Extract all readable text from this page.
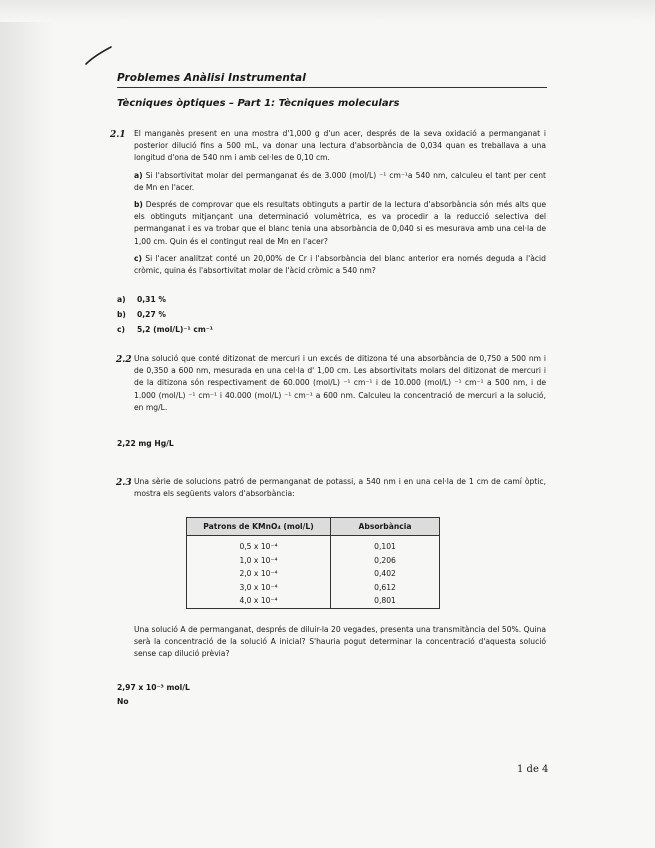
Problemes Anàlisi Instrumental
Tècniques òptiques – Part 1: Tècniques moleculars
2.1 El manganès present en una mostra d'1,000 g d'un acer, després de la seva oxidació a permanganat i posterior dilució fins a 500 mL, va donar una lectura d'absorbància de 0,034 quan es treballava a una longitud d'ona de 540 nm i amb cel·les de 0,10 cm.
a) Si l'absortivitat molar del permanganat és de 3.000 (mol/L) ⁻¹ cm⁻¹a 540 nm, calculeu el tant per cent de Mn en l'acer.
b) Després de comprovar que els resultats obtinguts a partir de la lectura d'absorbància són més alts que els obtinguts mitjançant una determinació volumètrica, es va procedir a la reducció selectiva del permanganat i es va trobar que el blanc tenia una absorbància de 0,040 si es mesurava amb una cel·la de 1,00 cm. Quin és el contingut real de Mn en l'acer?
c) Si l'acer analitzat conté un 20,00% de Cr i l'absorbància del blanc anterior era només deguda a l'àcid cròmic, quina és l'absortivitat molar de l'àcid cròmic a 540 nm?
a) 0,31 %
b) 0,27 %
c) 5,2 (mol/L)⁻¹ cm⁻¹
2.2 Una solució que conté ditizonat de mercuri i un excés de ditizona té una absorbància de 0,750 a 500 nm i de 0,350 a 600 nm, mesurada en una cel·la d' 1,00 cm. Les absortivitats molars del ditizonat de mercuri i de la ditizona són respectivament de 60.000 (mol/L) ⁻¹ cm⁻¹ i de 10.000 (mol/L) ⁻¹ cm⁻¹ a 500 nm, i de 1.000 (mol/L) ⁻¹ cm⁻¹ i 40.000 (mol/L) ⁻¹ cm⁻¹ a 600 nm. Calculeu la concentració de mercuri a la solució, en mg/L.
2,22 mg Hg/L
2.3 Una sèrie de solucions patró de permanganat de potassi, a 540 nm i en una cel·la de 1 cm de camí òptic, mostra els següents valors d'absorbància:
Patrons de KMnO₄ (mol/L)	Absorbància
0,5 x 10⁻⁴	0,101
1,0 x 10⁻⁴	0,206
2,0 x 10⁻⁴	0,402
3,0 x 10⁻⁴	0,612
4,0 x 10⁻⁴	0,801
Una solució A de permanganat, després de diluir-la 20 vegades, presenta una transmitància del 50%. Quina serà la concentració de la solució A inicial? S'hauria pogut determinar la concentració d'aquesta solució sense cap dilució prèvia?
2,97 x 10⁻³ mol/L
No
1 de 4
